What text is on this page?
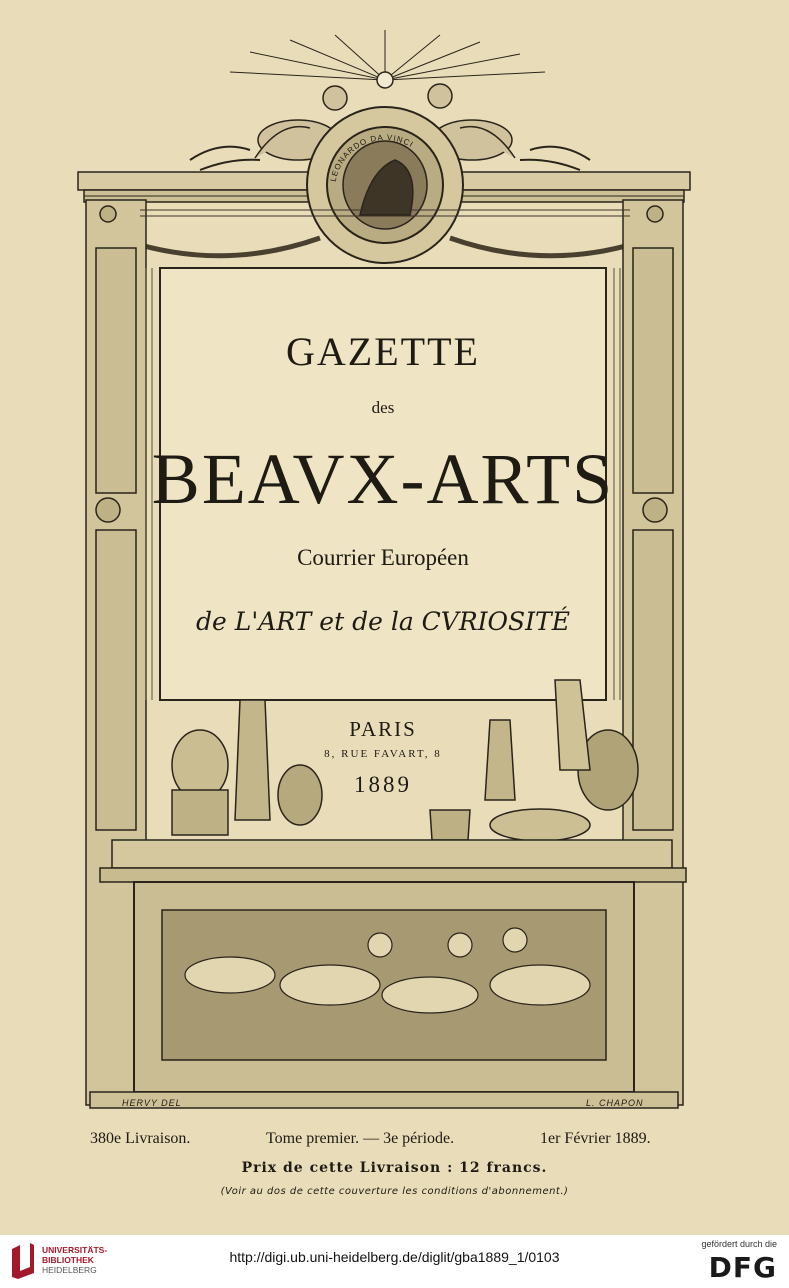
GAZETTE
des
BEAVX-ARTS
Courrier Européen
de L'ART et de la CVRIOSITÉ
PARIS
8, RUE FAVART, 8
1889
LEONARDO DA VINCI
HERVY DEL	L. CHAPON
380e Livraison.	Tome premier. — 3e période.	1er Février 1889.
Prix de cette Livraison : 12 francs.
(Voir au dos de cette couverture les conditions d'abonnement.)
UNIVERSITÄTS-
BIBLIOTHEK
HEIDELBERG
http://digi.ub.uni-heidelberg.de/diglit/gba1889_1/0103
gefördert durch die
DFG
